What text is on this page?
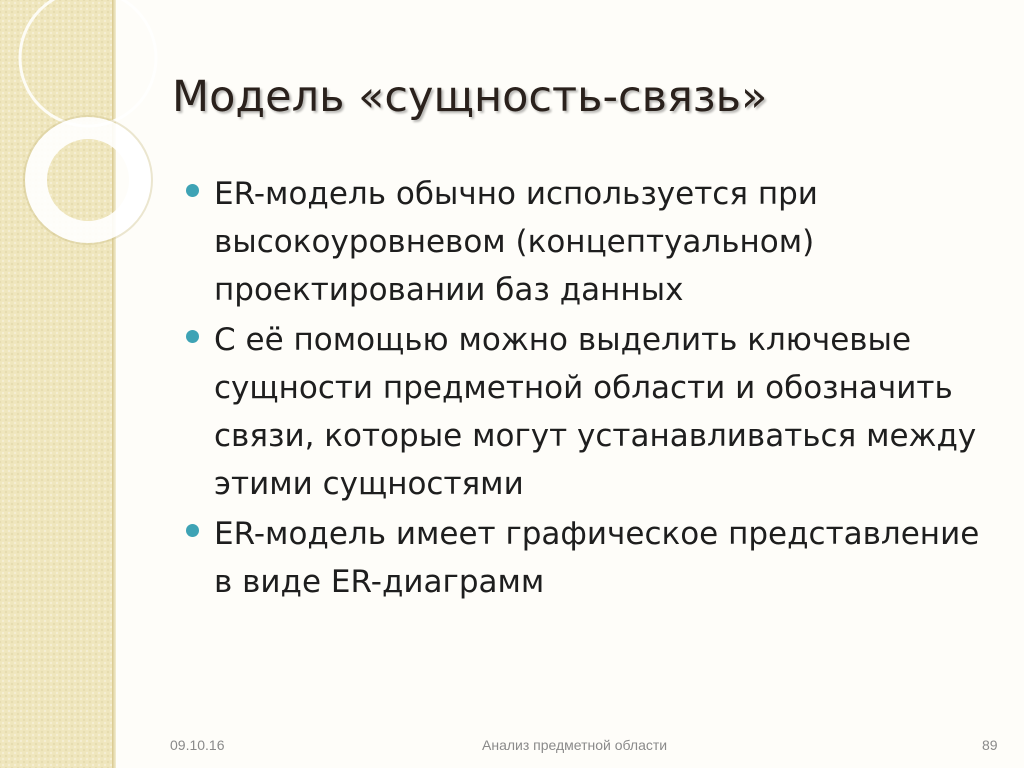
Модель «сущность-связь»
ER-модель обычно используется при высокоуровневом (концептуальном) проектировании баз данных
С её помощью можно выделить ключевые сущности предметной области и обозначить связи, которые могут устанавливаться между этими сущностями
ER-модель имеет графическое представление в виде ER-диаграмм
09.10.16	Анализ предметной области	89
